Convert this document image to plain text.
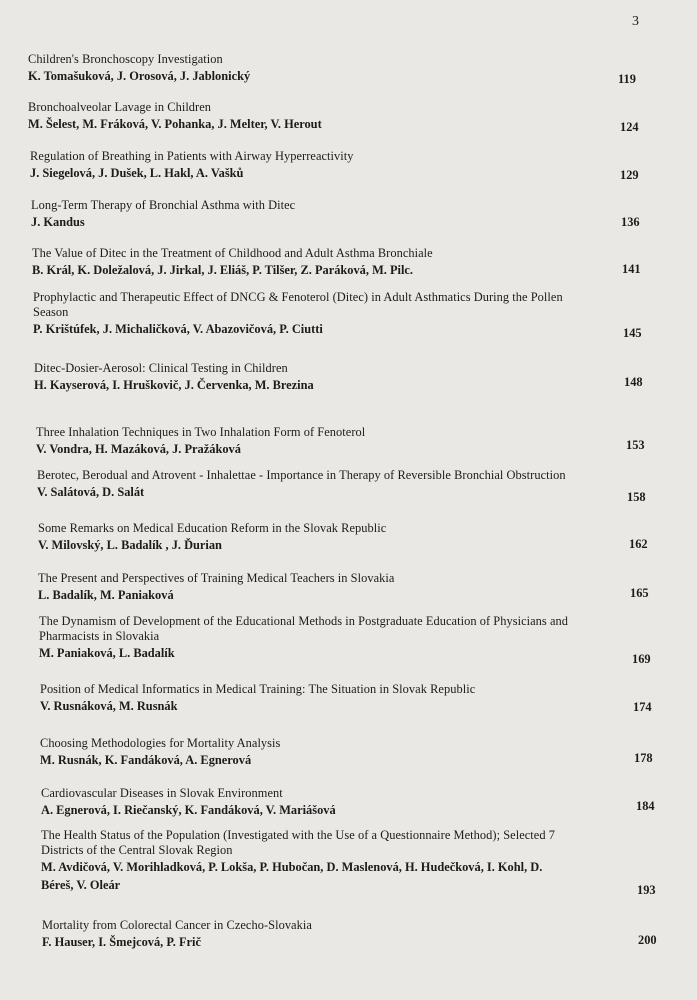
3
Children's Bronchoscopy Investigation
K. Tomašuková, J. Orosová, J. Jablonický	119
Bronchoalveolar Lavage in Children
M. Šelest, M. Fráková, V. Pohanka, J. Melter, V. Herout	124
Regulation of Breathing in Patients with Airway Hyperreactivity
J. Siegelová, J. Dušek, L. Hakl, A. Vašků	129
Long-Term Therapy of Bronchial Asthma with Ditec
J. Kandus	136
The Value of Ditec in the Treatment of Childhood and Adult Asthma Bronchiale
B. Král, K. Doležalová, J. Jirkal, J. Eliáš, P. Tilšer, Z. Paráková, M. Pilc.	141
Prophylactic and Therapeutic Effect of DNCG & Fenoterol (Ditec) in Adult Asthmatics During the Pollen
Season
P. Krištúfek, J. Michaličková, V. Abazovičová, P. Ciutti	145
Ditec-Dosier-Aerosol: Clinical Testing in Children
H. Kayserová, I. Hruškovič, J. Červenka, M. Brezina	148
Three Inhalation Techniques in Two Inhalation Form of Fenoterol
V. Vondra, H. Mazáková, J. Pražáková	153
Berotec, Berodual and Atrovent - Inhalettae - Importance in Therapy of Reversible Bronchial Obstruction
V. Salátová, D. Salát	158
Some Remarks on Medical Education Reform in the Slovak Republic
V. Milovský, L. Badalík , J. Ďurian	162
The Present and Perspectives of Training Medical Teachers in Slovakia
L. Badalík, M. Paniaková	165
The Dynamism of Development of the Educational Methods in Postgraduate Education of Physicians and
Pharmacists in Slovakia
M. Paniaková, L. Badalík	169
Position of Medical Informatics in Medical Training: The Situation in Slovak Republic
V. Rusnáková, M. Rusnák	174
Choosing Methodologies for Mortality Analysis
M. Rusnák, K. Fandáková, A. Egnerová	178
Cardiovascular Diseases in Slovak Environment
A. Egnerová, I. Riečanský, K. Fandáková, V. Mariášová	184
The Health Status of the Population (Investigated with the Use of a Questionnaire Method); Selected 7
Districts of the Central Slovak Region
M. Avdičová, V. Morihladková, P. Lokša, P. Hubočan, D. Maslenová, H. Hudečková, I. Kohl, D.
Béreš, V. Oleár	193
Mortality from Colorectal Cancer in Czecho-Slovakia
F. Hauser, I. Šmejcová, P. Frič	200
